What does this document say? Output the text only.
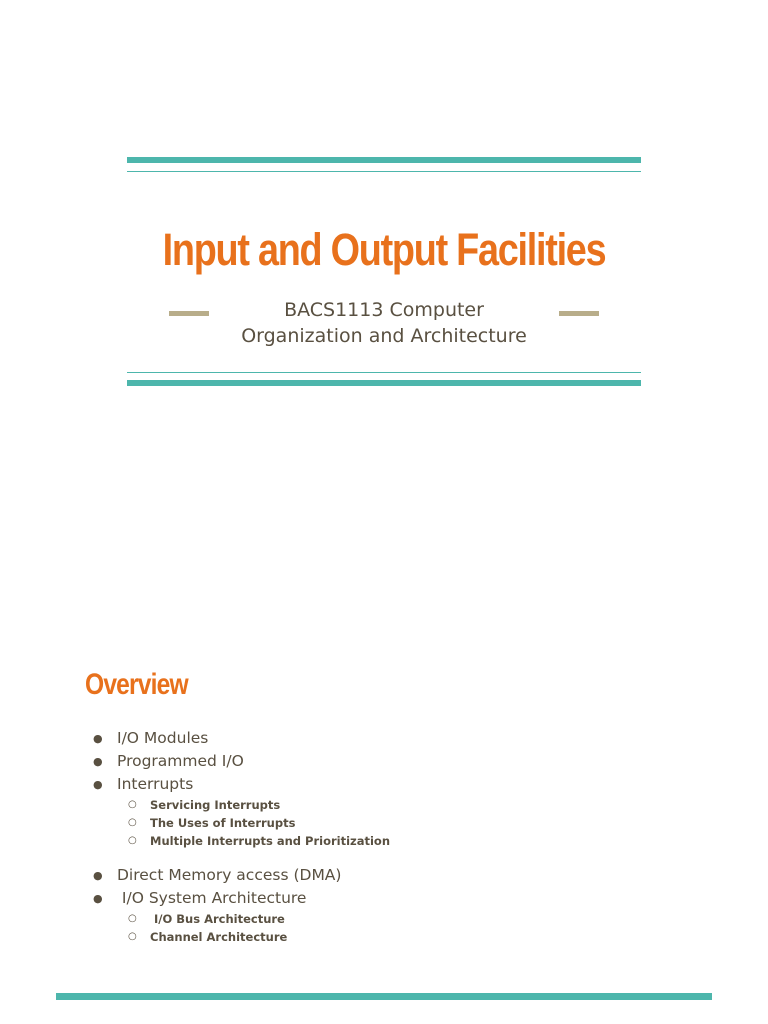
Input and Output Facilities

BACS1113 Computer
Organization and Architecture

Overview
● I/O Modules
● Programmed I/O
● Interrupts
○ Servicing Interrupts
○ The Uses of Interrupts
○ Multiple Interrupts and Prioritization
● Direct Memory access (DMA)
● I/O System Architecture
○ I/O Bus Architecture
○ Channel Architecture
